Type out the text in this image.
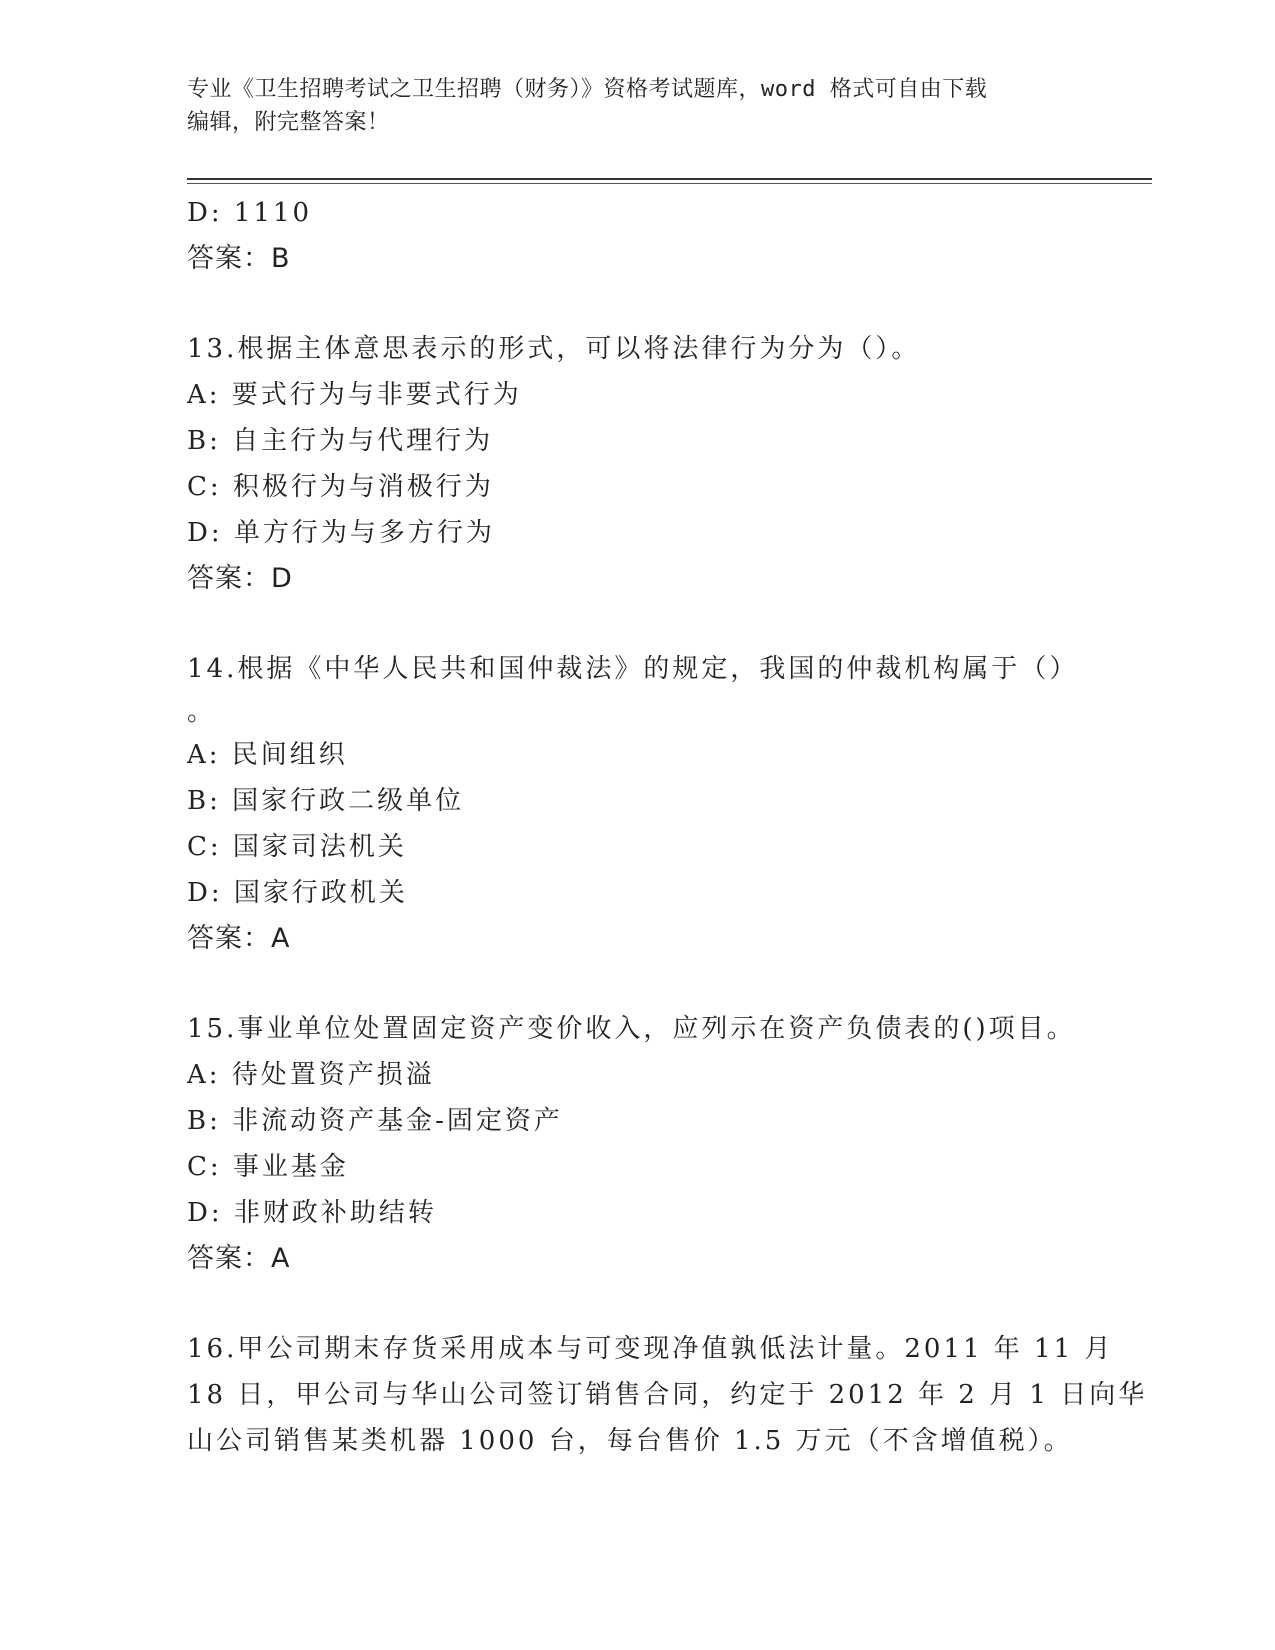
专业《卫生招聘考试之卫生招聘（财务）》资格考试题库，word 格式可自由下载
编辑，附完整答案！
D: 1110
答案：B
13.根据主体意思表示的形式，可以将法律行为分为（）。
A: 要式行为与非要式行为
B: 自主行为与代理行为
C: 积极行为与消极行为
D: 单方行为与多方行为
答案：D
14.根据《中华人民共和国仲裁法》的规定，我国的仲裁机构属于（）
。
A: 民间组织
B: 国家行政二级单位
C: 国家司法机关
D: 国家行政机关
答案：A
15.事业单位处置固定资产变价收入，应列示在资产负债表的()项目。
A: 待处置资产损溢
B: 非流动资产基金-固定资产
C: 事业基金
D: 非财政补助结转
答案：A
16.甲公司期末存货采用成本与可变现净值孰低法计量。2011 年 11 月
18 日，甲公司与华山公司签订销售合同，约定于 2012 年 2 月 1 日向华
山公司销售某类机器 1000 台，每台售价 1.5 万元（不含增值税）。
